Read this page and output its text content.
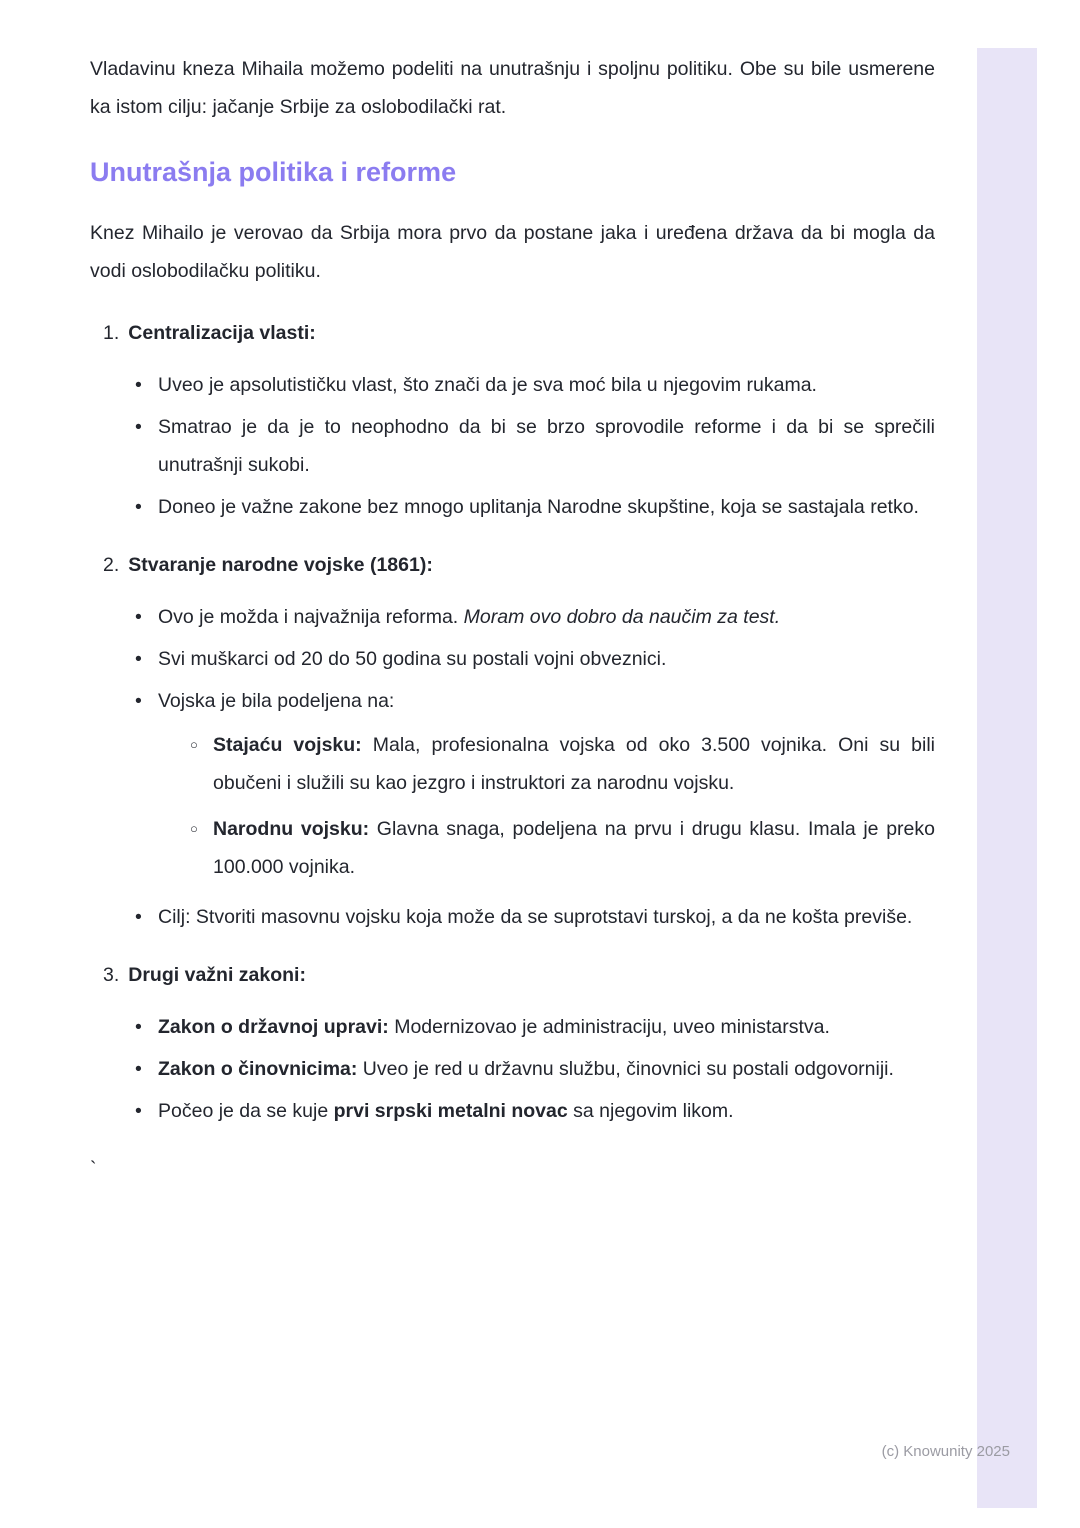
Vladavinu kneza Mihaila možemo podeliti na unutrašnju i spoljnu politiku. Obe su bile usmerene ka istom cilju: jačanje Srbije za oslobodilački rat.

Unutrašnja politika i reforme

Knez Mihailo je verovao da Srbija mora prvo da postane jaka i uređena država da bi mogla da vodi oslobodilačku politiku.

1. Centralizacija vlasti:
• Uveo je apsolutističku vlast, što znači da je sva moć bila u njegovim rukama.
• Smatrao je da je to neophodno da bi se brzo sprovodile reforme i da bi se sprečili unutrašnji sukobi.
• Doneo je važne zakone bez mnogo uplitanja Narodne skupštine, koja se sastajala retko.
2. Stvaranje narodne vojske (1861):
• Ovo je možda i najvažnija reforma. Moram ovo dobro da naučim za test.
• Svi muškarci od 20 do 50 godina su postali vojni obveznici.
• Vojska je bila podeljena na:
○ Stajaću vojsku: Mala, profesionalna vojska od oko 3.500 vojnika. Oni su bili obučeni i služili su kao jezgro i instruktori za narodnu vojsku.
○ Narodnu vojsku: Glavna snaga, podeljena na prvu i drugu klasu. Imala je preko 100.000 vojnika.
• Cilj: Stvoriti masovnu vojsku koja može da se suprotstavi turskoj, a da ne košta previše.
3. Drugi važni zakoni:
• Zakon o državnoj upravi: Modernizovao je administraciju, uveo ministarstva.
• Zakon o činovnicima: Uveo je red u državnu službu, činovnici su postali odgovorniji.
• Počeo je da se kuje prvi srpski metalni novac sa njegovim likom.
`
(c) Knowunity 2025
